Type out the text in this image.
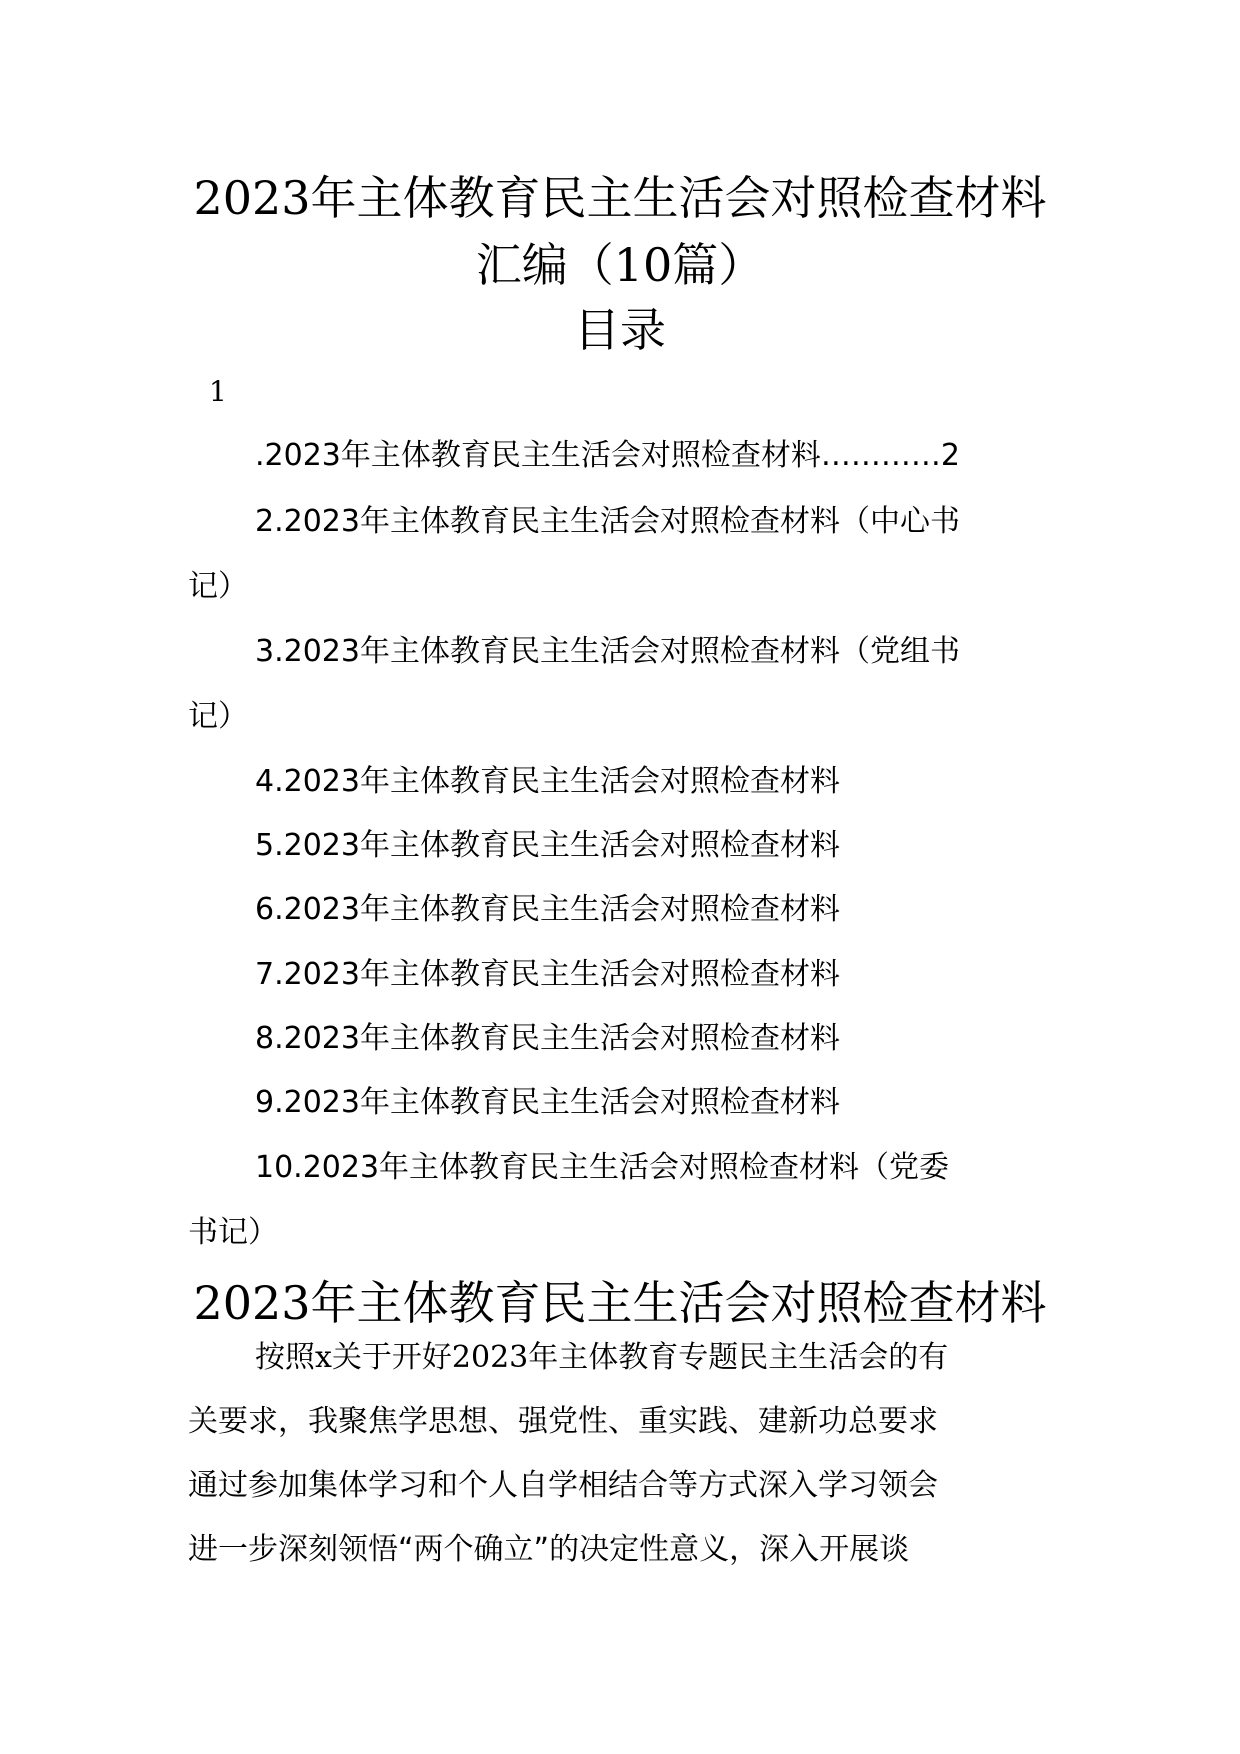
2023年主体教育民主生活会对照检查材料
汇编（10篇）
目录
1
.2023年主体教育民主生活会对照检查材料…………2
2.2023年主体教育民主生活会对照检查材料（中心书
记）
3.2023年主体教育民主生活会对照检查材料（党组书
记）
4.2023年主体教育民主生活会对照检查材料
5.2023年主体教育民主生活会对照检查材料
6.2023年主体教育民主生活会对照检查材料
7.2023年主体教育民主生活会对照检查材料
8.2023年主体教育民主生活会对照检查材料
9.2023年主体教育民主生活会对照检查材料
10.2023年主体教育民主生活会对照检查材料（党委
书记）
2023年主体教育民主生活会对照检查材料
按照x关于开好2023年主体教育专题民主生活会的有
关要求，我聚焦学思想、强党性、重实践、建新功总要求
通过参加集体学习和个人自学相结合等方式深入学习领会
进一步深刻领悟“两个确立”的决定性意义，深入开展谈
